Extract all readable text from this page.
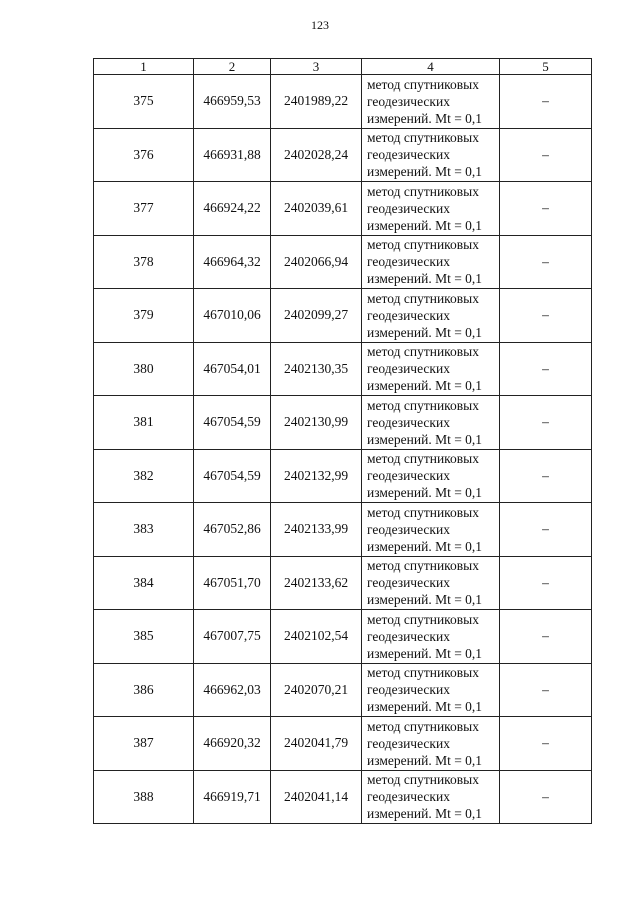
123
1	2	3	4	5
375	466959,53	2401989,22	метод спутниковых
геодезических
измерений. Mt = 0,1	–
376	466931,88	2402028,24	метод спутниковых
геодезических
измерений. Mt = 0,1	–
377	466924,22	2402039,61	метод спутниковых
геодезических
измерений. Mt = 0,1	–
378	466964,32	2402066,94	метод спутниковых
геодезических
измерений. Mt = 0,1	–
379	467010,06	2402099,27	метод спутниковых
геодезических
измерений. Mt = 0,1	–
380	467054,01	2402130,35	метод спутниковых
геодезических
измерений. Mt = 0,1	–
381	467054,59	2402130,99	метод спутниковых
геодезических
измерений. Mt = 0,1	–
382	467054,59	2402132,99	метод спутниковых
геодезических
измерений. Mt = 0,1	–
383	467052,86	2402133,99	метод спутниковых
геодезических
измерений. Mt = 0,1	–
384	467051,70	2402133,62	метод спутниковых
геодезических
измерений. Mt = 0,1	–
385	467007,75	2402102,54	метод спутниковых
геодезических
измерений. Mt = 0,1	–
386	466962,03	2402070,21	метод спутниковых
геодезических
измерений. Mt = 0,1	–
387	466920,32	2402041,79	метод спутниковых
геодезических
измерений. Mt = 0,1	–
388	466919,71	2402041,14	метод спутниковых
геодезических
измерений. Mt = 0,1	–
